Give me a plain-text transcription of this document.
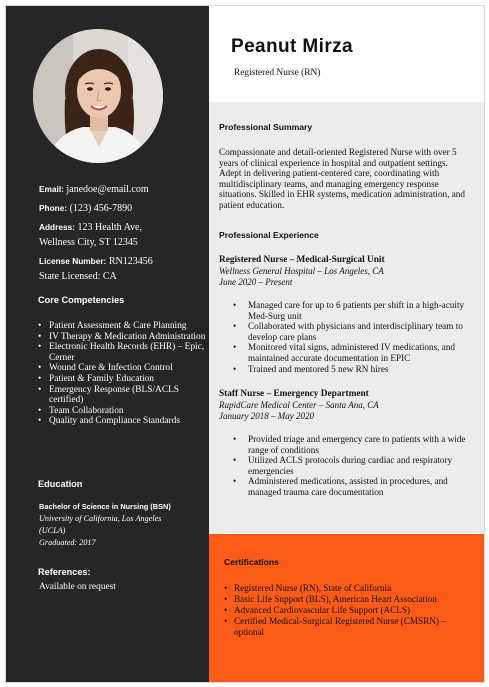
Email: janedoe@email.com
Phone: (123) 456-7890
Address: 123 Health Ave,
Wellness City, ST 12345
License Number: RN123456
State Licensed: CA
Core Competencies
• Patient Assessment & Care Planning
• IV Therapy & Medication Administration
• Electronic Health Records (EHR) – Epic, Cerner
• Wound Care & Infection Control
• Patient & Family Education
• Emergency Response (BLS/ACLS certified)
• Team Collaboration
• Quality and Compliance Standards
Education
Bachelor of Science in Nursing (BSN)
University of California, Los Angeles
(UCLA)
Graduated: 2017
References:
Available on request
Peanut Mirza
Registered Nurse (RN)
Professional Summary
Compassionate and detail-oriented Registered Nurse with over 5 years of clinical experience in hospital and outpatient settings. Adept in delivering patient-centered care, coordinating with multidisciplinary teams, and managing emergency response situations. Skilled in EHR systems, medication administration, and patient education.
Professional Experience
Registered Nurse – Medical-Surgical Unit
Wellness General Hospital – Los Angeles, CA
June 2020 – Present
• Managed care for up to 6 patients per shift in a high-acuity Med-Surg unit
• Collaborated with physicians and interdisciplinary team to develop care plans
• Monitored vital signs, administered IV medications, and maintained accurate documentation in EPIC
• Trained and mentored 5 new RN hires
Staff Nurse – Emergency Department
RapidCare Medical Center – Santa Ana, CA
January 2018 – May 2020
• Provided triage and emergency care to patients with a wide range of conditions
• Utilized ACLS protocols during cardiac and respiratory emergencies
• Administered medications, assisted in procedures, and managed trauma care documentation
Certifications
• Registered Nurse (RN), State of California
• Basic Life Support (BLS), American Heart Association
• Advanced Cardiovascular Life Support (ACLS)
• Certified Medical-Surgical Registered Nurse (CMSRN) – optional
